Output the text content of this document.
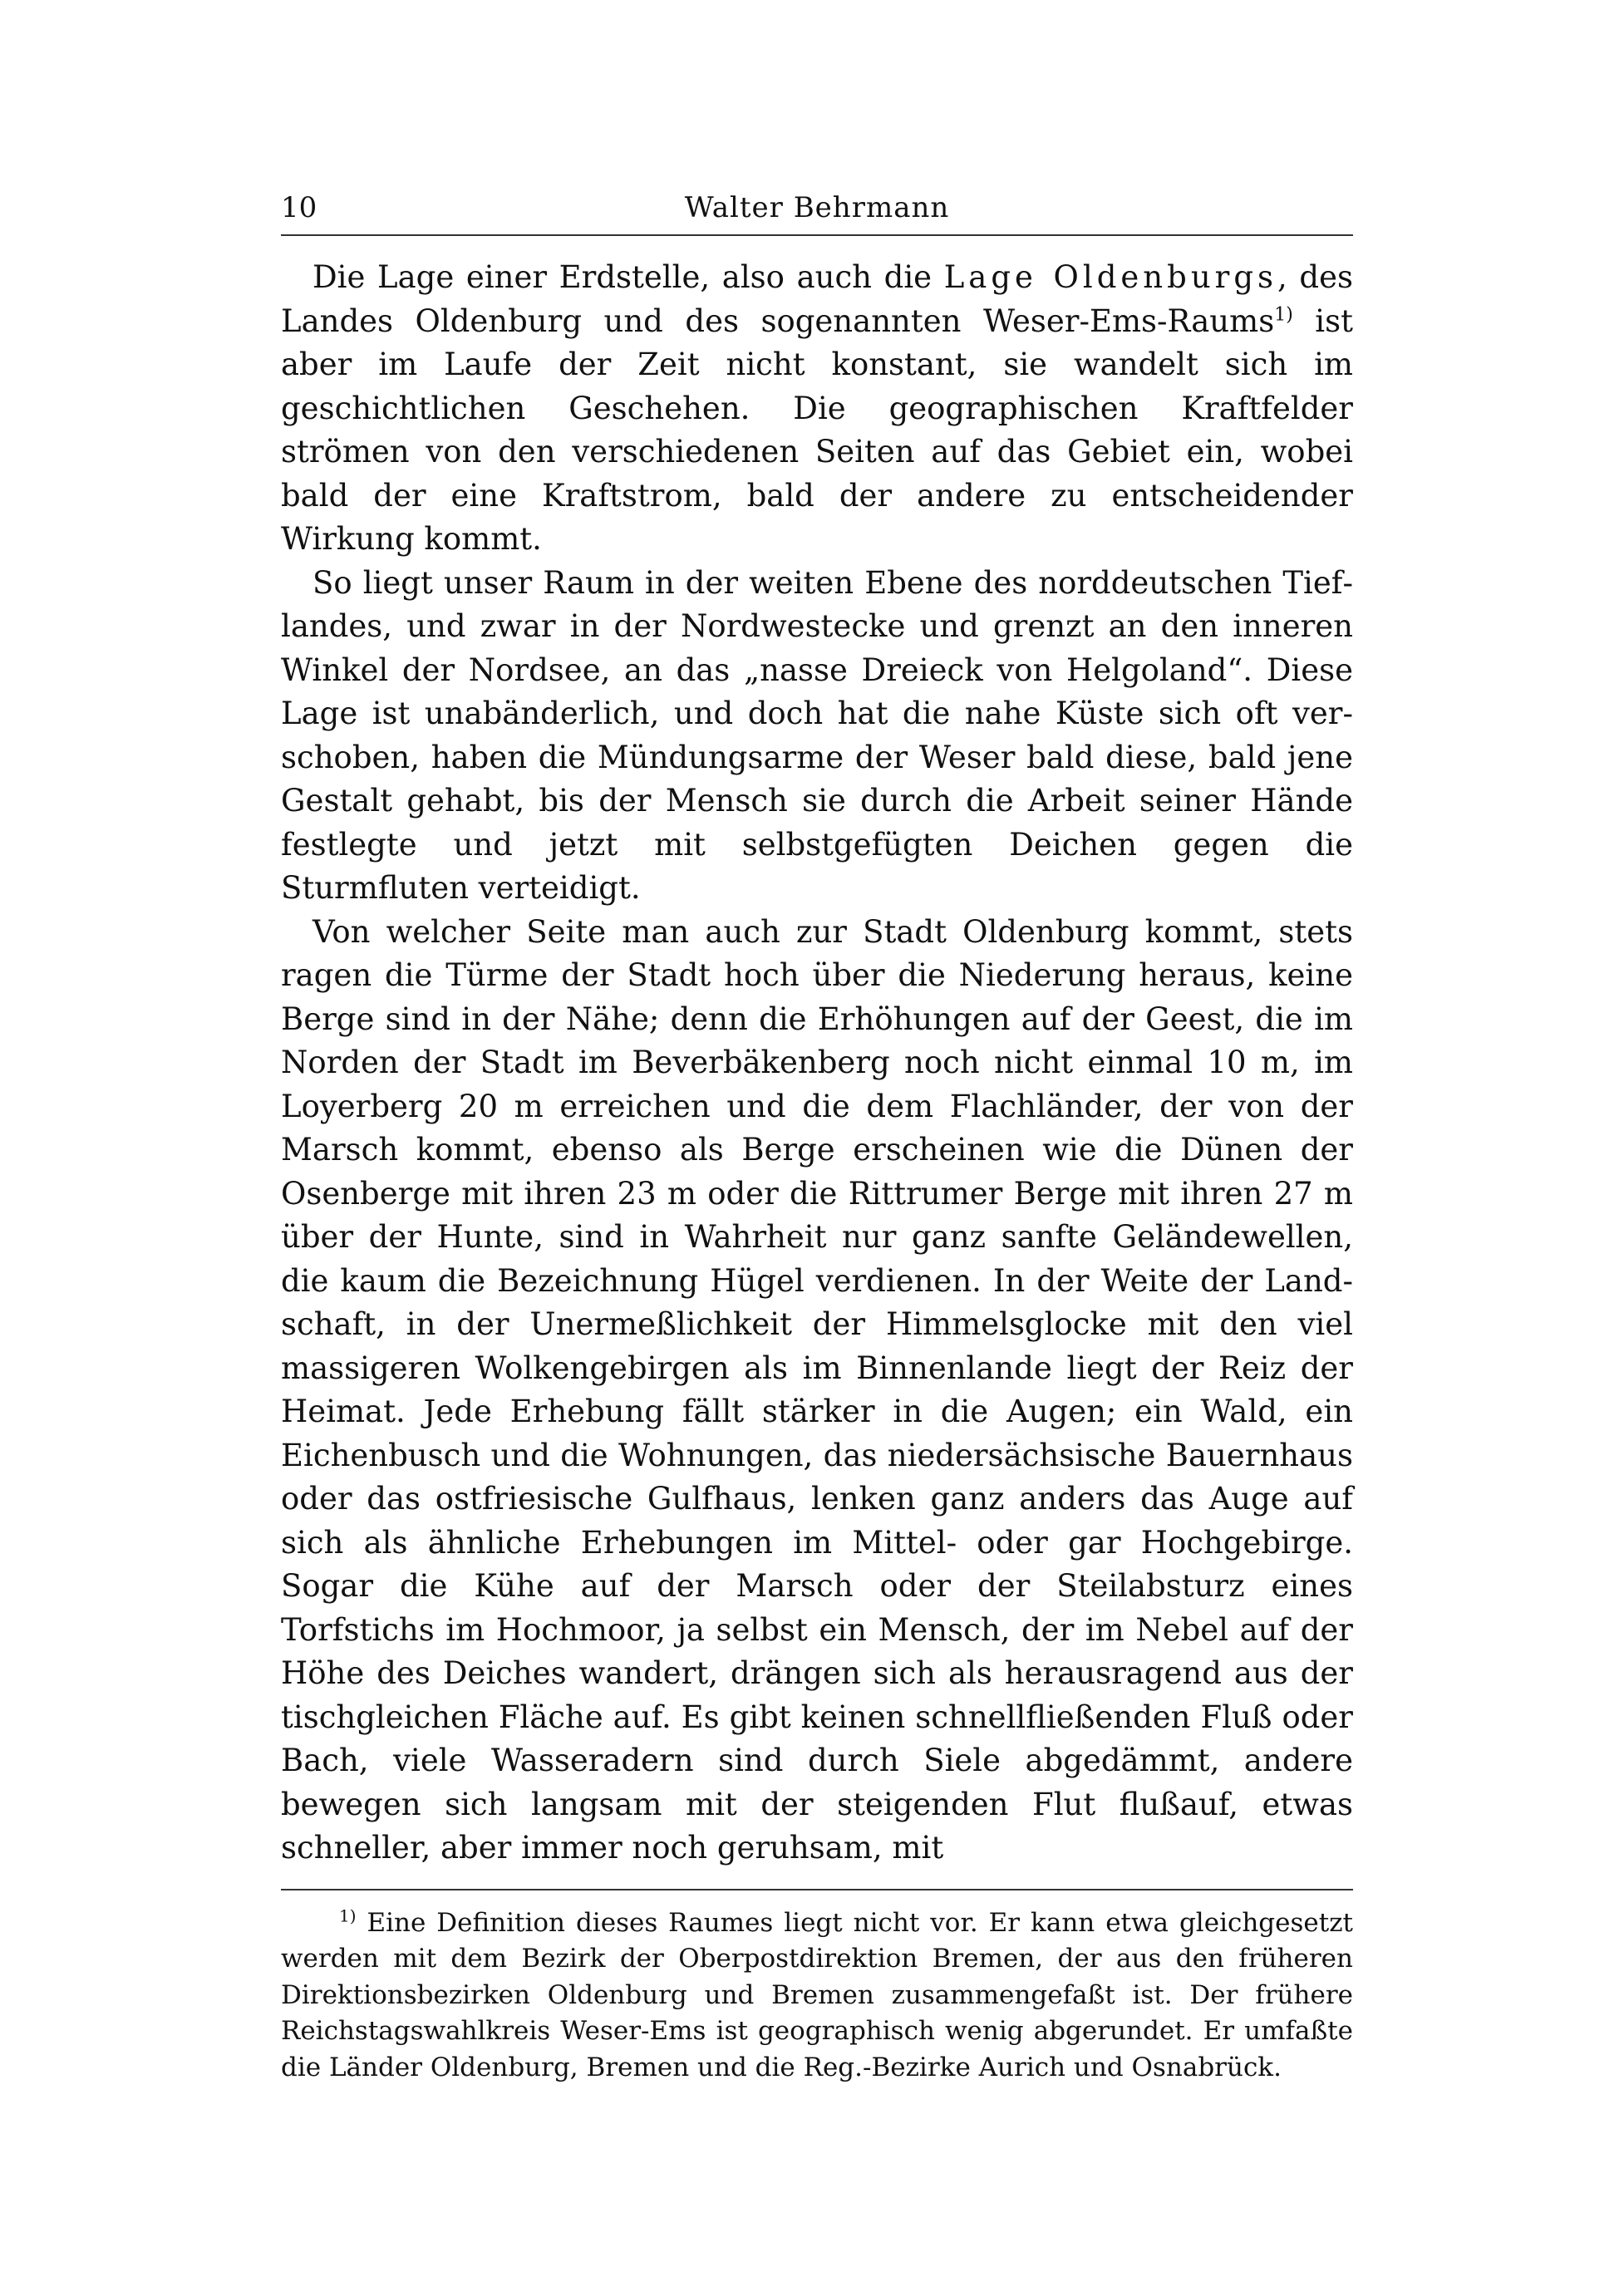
10	Walter Behrmann

Die Lage einer Erdstelle, also auch die Lage Oldenburgs, des Landes Oldenburg und des sogenannten Weser-Ems-Raums$^{1)}$ ist aber im Laufe der Zeit nicht konstant, sie wandelt sich im geschichtlichen Geschehen. Die geographischen Kraftfelder strömen von den verschiedenen Seiten auf das Gebiet ein, wobei bald der eine Kraftstrom, bald der andere zu entscheidender Wirkung kommt.

So liegt unser Raum in der weiten Ebene des norddeutschen Tieflandes, und zwar in der Nordwestecke und grenzt an den inneren Winkel der Nordsee, an das „nasse Dreieck von Helgoland“. Diese Lage ist unabänderlich, und doch hat die nahe Küste sich oft verschoben, haben die Mündungsarme der Weser bald diese, bald jene Gestalt gehabt, bis der Mensch sie durch die Arbeit seiner Hände festlegte und jetzt mit selbstgefügten Deichen gegen die Sturmfluten verteidigt.

Von welcher Seite man auch zur Stadt Oldenburg kommt, stets ragen die Türme der Stadt hoch über die Niederung heraus, keine Berge sind in der Nähe; denn die Erhöhungen auf der Geest, die im Norden der Stadt im Beverbäkenberg noch nicht einmal 10 m, im Loyerberg 20 m erreichen und die dem Flachländer, der von der Marsch kommt, ebenso als Berge erscheinen wie die Dünen der Osenberge mit ihren 23 m oder die Rittrumer Berge mit ihren 27 m über der Hunte, sind in Wahrheit nur ganz sanfte Geländewellen, die kaum die Bezeichnung Hügel verdienen. In der Weite der Landschaft, in der Unermeßlichkeit der Himmelsglocke mit den viel massigeren Wolkengebirgen als im Binnenlande liegt der Reiz der Heimat. Jede Erhebung fällt stärker in die Augen; ein Wald, ein Eichenbusch und die Wohnungen, das niedersächsische Bauernhaus oder das ostfriesische Gulfhaus, lenken ganz anders das Auge auf sich als ähnliche Erhebungen im Mittel- oder gar Hochgebirge. Sogar die Kühe auf der Marsch oder der Steilabsturz eines Torfstichs im Hochmoor, ja selbst ein Mensch, der im Nebel auf der Höhe des Deiches wandert, drängen sich als herausragend aus der tischgleichen Fläche auf. Es gibt keinen schnellfließenden Fluß oder Bach, viele Wasseradern sind durch Siele abgedämmt, andere bewegen sich langsam mit der steigenden Flut flußauf, etwas schneller, aber immer noch geruhsam, mit

$^{1)}$ Eine Definition dieses Raumes liegt nicht vor. Er kann etwa gleichgesetzt werden mit dem Bezirk der Oberpostdirektion Bremen, der aus den früheren Direktionsbezirken Oldenburg und Bremen zusammengefaßt ist. Der frühere Reichstagswahlkreis Weser-Ems ist geographisch wenig abgerundet. Er umfaßte die Länder Oldenburg, Bremen und die Reg.-Bezirke Aurich und Osnabrück.
